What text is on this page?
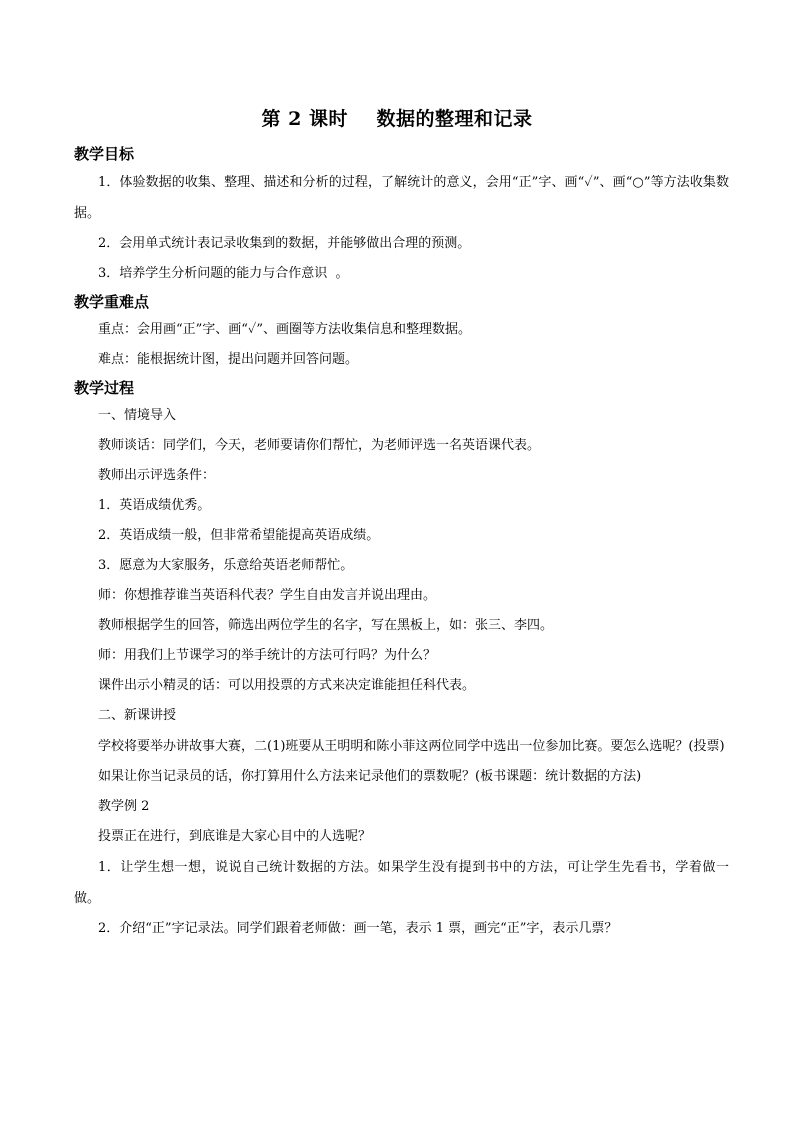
第 2 课时    数据的整理和记录

教学目标

1．体验数据的收集、整理、描述和分析的过程，了解统计的意义，会用“正”字、画“✓”、画“○”等方法收集数据。

2．会用单式统计表记录收集到的数据，并能够做出合理的预测。

3．培养学生分析问题的能力与合作意识  。

教学重难点

重点：会用画“正”字、画“✓”、画圈等方法收集信息和整理数据。

难点：能根据统计图，提出问题并回答问题。

教学过程

一、情境导入

教师谈话：同学们，今天，老师要请你们帮忙，为老师评选一名英语课代表。

教师出示评选条件：

1．英语成绩优秀。

2．英语成绩一般，但非常希望能提高英语成绩。

3．愿意为大家服务，乐意给英语老师帮忙。

师：你想推荐谁当英语科代表？学生自由发言并说出理由。

教师根据学生的回答，筛选出两位学生的名字，写在黑板上，如：张三、李四。

师：用我们上节课学习的举手统计的方法可行吗？为什么？

课件出示小精灵的话：可以用投票的方式来决定谁能担任科代表。

二、新课讲授

学校将要举办讲故事大赛，二(1)班要从王明明和陈小菲这两位同学中选出一位参加比赛。要怎么选呢？(投票)

如果让你当记录员的话，你打算用什么方法来记录他们的票数呢？(板书课题：统计数据的方法)

教学例 2

投票正在进行，到底谁是大家心目中的人选呢？

1．让学生想一想，说说自己统计数据的方法。如果学生没有提到书中的方法，可让学生先看书，学着做一做。

2．介绍“正”字记录法。同学们跟着老师做：画一笔，表示 1 票，画完“正”字，表示几票？
